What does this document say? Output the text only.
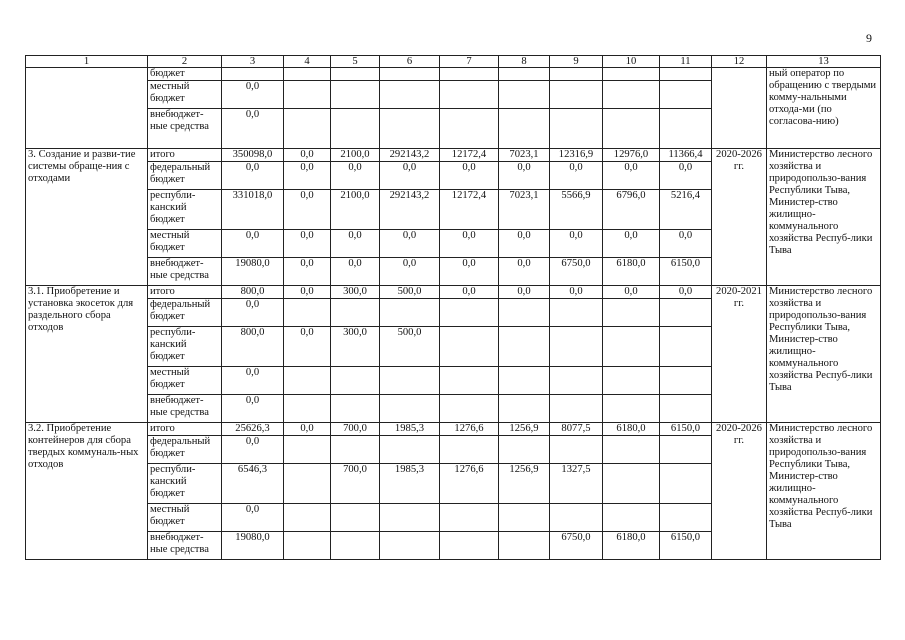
9
1	2	3	4	5	6	7	8	9	10	11	12	13
	бюджет											ный оператор по обращению с твердыми комму-нальными отхода-ми (по согласова-нию)
	местный бюджет	0,0										
	внебюджет-ные средства	0,0										
3. Создание и разви-тие системы обраще-ния с отходами	итого	350098,0	0,0	2100,0	292143,2	12172,4	7023,1	12316,9	12976,0	11366,4	2020-2026 гг.	Министерство лесного хозяйства и природопользо-вания Республики Тыва, Министер-ство жилищно-коммунального хозяйства Респуб-лики Тыва
	федеральный бюджет	0,0	0,0	0,0	0,0	0,0	0,0	0,0	0,0	0,0		
	республи-канский бюджет	331018,0	0,0	2100,0	292143,2	12172,4	7023,1	5566,9	6796,0	5216,4		
	местный бюджет	0,0	0,0	0,0	0,0	0,0	0,0	0,0	0,0	0,0		
	внебюджет-ные средства	19080,0	0,0	0,0	0,0	0,0	0,0	6750,0	6180,0	6150,0		
3.1. Приобретение и установка экосеток для раздельного сбора отходов	итого	800,0	0,0	300,0	500,0	0,0	0,0	0,0	0,0	0,0	2020-2021 гг.	Министерство лесного хозяйства и природопользо-вания Республики Тыва, Министер-ство жилищно-коммунального хозяйства Респуб-лики Тыва
	федеральный бюджет	0,0										
	республи-канский бюджет	800,0	0,0	300,0	500,0							
	местный бюджет	0,0										
	внебюджет-ные средства	0,0										
3.2. Приобретение контейнеров для сбора твердых коммуналь-ных отходов	итого	25626,3	0,0	700,0	1985,3	1276,6	1256,9	8077,5	6180,0	6150,0	2020-2026 гг.	Министерство лесного хозяйства и природопользо-вания Республики Тыва, Министер-ство жилищно-коммунального хозяйства Респуб-лики Тыва
	федеральный бюджет	0,0										
	республи-канский бюджет	6546,3		700,0	1985,3	1276,6	1256,9	1327,5				
	местный бюджет	0,0										
	внебюджет-ные средства	19080,0						6750,0	6180,0	6150,0		
